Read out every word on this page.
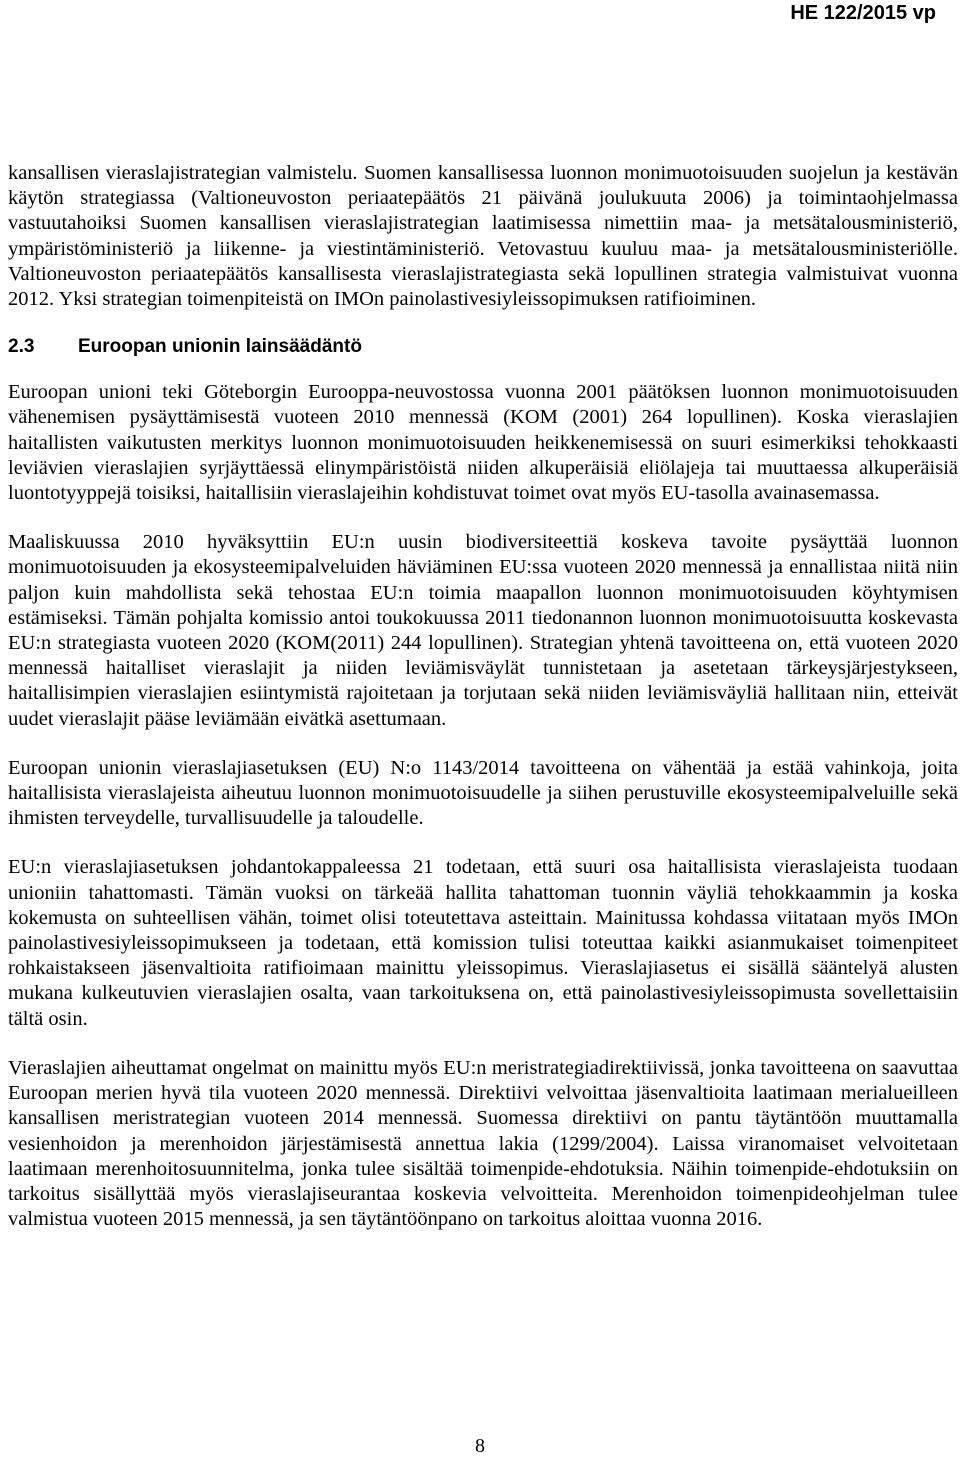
HE 122/2015 vp

kansallisen vieraslajistrategian valmistelu. Suomen kansallisessa luonnon monimuotoisuuden suojelun ja kestävän käytön strategiassa (Valtioneuvoston periaatepäätös 21 päivänä joulukuuta 2006) ja toimintaohjelmassa vastuutahoiksi Suomen kansallisen vieraslajistrategian laatimisessa nimettiin maa- ja metsätalousministeriö, ympäristöministeriö ja liikenne- ja viestintäministeriö. Vetovastuu kuuluu maa- ja metsätalousministeriölle. Valtioneuvoston periaatepäätös kansallisesta vieraslajistrategiasta sekä lopullinen strategia valmistuivat vuonna 2012. Yksi strategian toimenpiteistä on IMOn painolastivesiyleissopimuksen ratifioiminen.

2.3	Euroopan unionin lainsäädäntö

Euroopan unioni teki Göteborgin Eurooppa-neuvostossa vuonna 2001 päätöksen luonnon monimuotoisuuden vähenemisen pysäyttämisestä vuoteen 2010 mennessä (KOM (2001) 264 lopullinen). Koska vieraslajien haitallisten vaikutusten merkitys luonnon monimuotoisuuden heikkenemisessä on suuri esimerkiksi tehokkaasti leviävien vieraslajien syrjäyttäessä elinympäristöistä niiden alkuperäisiä eliölajeja tai muuttaessa alkuperäisiä luontotyyppejä toisiksi, haitallisiin vieraslajeihin kohdistuvat toimet ovat myös EU-tasolla avainasemassa.

Maaliskuussa 2010 hyväksyttiin EU:n uusin biodiversiteettiä koskeva tavoite pysäyttää luonnon monimuotoisuuden ja ekosysteemipalveluiden häviäminen EU:ssa vuoteen 2020 mennessä ja ennallistaa niitä niin paljon kuin mahdollista sekä tehostaa EU:n toimia maapallon luonnon monimuotoisuuden köyhtymisen estämiseksi. Tämän pohjalta komissio antoi toukokuussa 2011 tiedonannon luonnon monimuotoisuutta koskevasta EU:n strategiasta vuoteen 2020 (KOM(2011) 244 lopullinen). Strategian yhtenä tavoitteena on, että vuoteen 2020 mennessä haitalliset vieraslajit ja niiden leviämisväylät tunnistetaan ja asetetaan tärkeysjärjestykseen, haitallisimpien vieraslajien esiintymistä rajoitetaan ja torjutaan sekä niiden leviämisväyliä hallitaan niin, etteivät uudet vieraslajit pääse leviämään eivätkä asettumaan.

Euroopan unionin vieraslajiasetuksen (EU) N:o 1143/2014 tavoitteena on vähentää ja estää vahinkoja, joita haitallisista vieraslajeista aiheutuu luonnon monimuotoisuudelle ja siihen perustuville ekosysteemipalveluille sekä ihmisten terveydelle, turvallisuudelle ja taloudelle.

EU:n vieraslajiasetuksen johdantokappaleessa 21 todetaan, että suuri osa haitallisista vieraslajeista tuodaan unioniin tahattomasti. Tämän vuoksi on tärkeää hallita tahattoman tuonnin väyliä tehokkaammin ja koska kokemusta on suhteellisen vähän, toimet olisi toteutettava asteittain. Mainitussa kohdassa viitataan myös IMOn painolastivesiyleissopimukseen ja todetaan, että komission tulisi toteuttaa kaikki asianmukaiset toimenpiteet rohkaistakseen jäsenvaltioita ratifioimaan mainittu yleissopimus. Vieraslajiasetus ei sisällä sääntelyä alusten mukana kulkeutuvien vieraslajien osalta, vaan tarkoituksena on, että painolastivesiyleissopimusta sovellettaisiin tältä osin.

Vieraslajien aiheuttamat ongelmat on mainittu myös EU:n meristrategiadirektiivissä, jonka tavoitteena on saavuttaa Euroopan merien hyvä tila vuoteen 2020 mennessä. Direktiivi velvoittaa jäsenvaltioita laatimaan merialueilleen kansallisen meristrategian vuoteen 2014 mennessä. Suomessa direktiivi on pantu täytäntöön muuttamalla vesienhoidon ja merenhoidon järjestämisestä annettua lakia (1299/2004). Laissa viranomaiset velvoitetaan laatimaan merenhoitosuunnitelma, jonka tulee sisältää toimenpide-ehdotuksia. Näihin toimenpide-ehdotuksiin on tarkoitus sisällyttää myös vieraslajiseurantaa koskevia velvoitteita. Merenhoidon toimenpideohjelman tulee valmistua vuoteen 2015 mennessä, ja sen täytäntöönpano on tarkoitus aloittaa vuonna 2016.

8
